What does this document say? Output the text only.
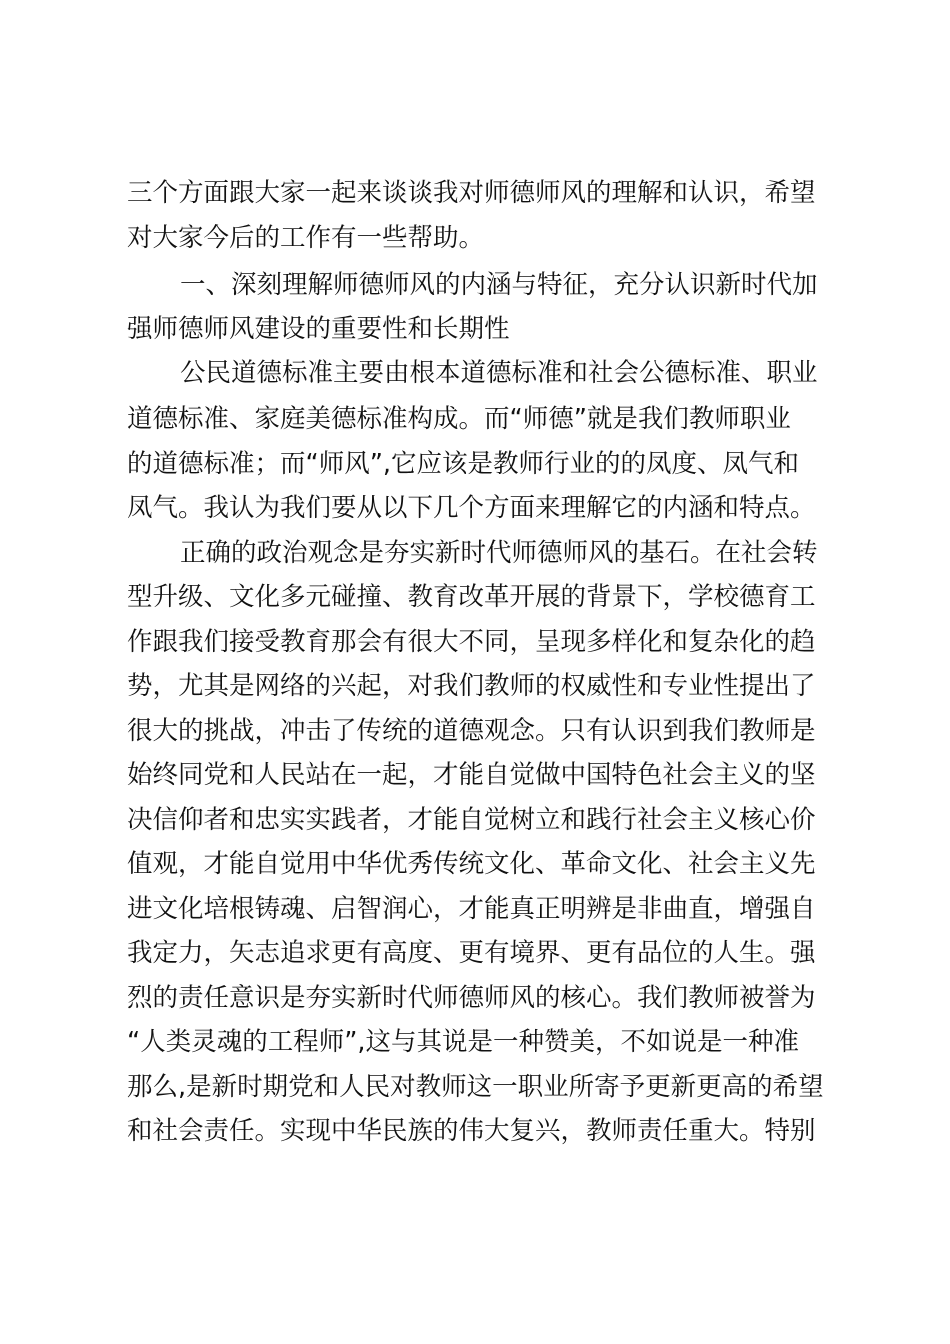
三个方面跟大家一起来谈谈我对师德师风的理解和认识，希望
对大家今后的工作有一些帮助。
一、深刻理解师德师风的内涵与特征，充分认识新时代加
强师德师风建设的重要性和长期性
公民道德标准主要由根本道德标准和社会公德标准、职业
道德标准、家庭美德标准构成。而“师德”就是我们教师职业
的道德标准；而“师风”,它应该是教师行业的的凤度、凤气和
凤气。我认为我们要从以下几个方面来理解它的内涵和特点。
正确的政治观念是夯实新时代师德师风的基石。在社会转
型升级、文化多元碰撞、教育改革开展的背景下，学校德育工
作跟我们接受教育那会有很大不同，呈现多样化和复杂化的趋
势，尤其是网络的兴起，对我们教师的权威性和专业性提出了
很大的挑战，冲击了传统的道德观念。只有认识到我们教师是
始终同党和人民站在一起，才能自觉做中国特色社会主义的坚
决信仰者和忠实实践者，才能自觉树立和践行社会主义核心价
值观，才能自觉用中华优秀传统文化、革命文化、社会主义先
进文化培根铸魂、启智润心，才能真正明辨是非曲直，增强自
我定力，矢志追求更有高度、更有境界、更有品位的人生。强
烈的责任意识是夯实新时代师德师风的核心。我们教师被誉为
“人类灵魂的工程师”,这与其说是一种赞美，不如说是一种准
那么,是新时期党和人民对教师这一职业所寄予更新更高的希望
和社会责任。实现中华民族的伟大复兴，教师责任重大。特别
